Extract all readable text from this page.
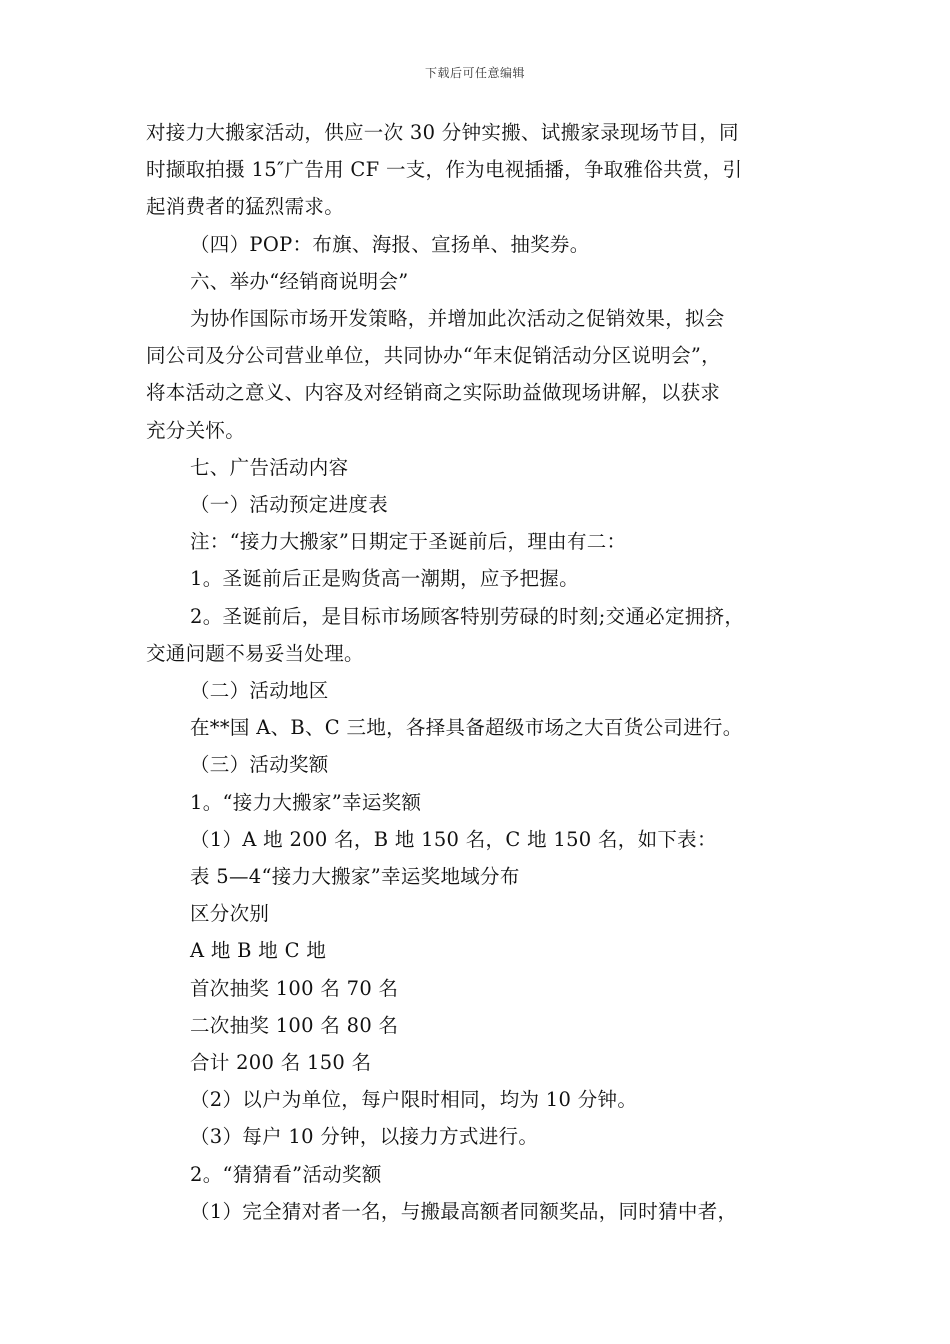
下载后可任意编辑

对接力大搬家活动，供应一次 30 分钟实搬、试搬家录现场节目，同

时撷取拍摄 15″广告用 CF 一支，作为电视插播，争取雅俗共赏，引

起消费者的猛烈需求。

（四）POP：布旗、海报、宣扬单、抽奖券。

六、举办“经销商说明会”

为协作国际市场开发策略，并增加此次活动之促销效果，拟会

同公司及分公司营业单位，共同协办“年末促销活动分区说明会”，

将本活动之意义、内容及对经销商之实际助益做现场讲解，以获求

充分关怀。

七、广告活动内容

（一）活动预定进度表

注：“接力大搬家”日期定于圣诞前后，理由有二：

1。圣诞前后正是购货高一潮期，应予把握。

2。圣诞前后，是目标市场顾客特别劳碌的时刻;交通必定拥挤，

交通问题不易妥当处理。

（二）活动地区

在**国 A、B、C 三地，各择具备超级市场之大百货公司进行。

（三）活动奖额

1。“接力大搬家”幸运奖额

（1）A 地 200 名，B 地 150 名，C 地 150 名，如下表：

表 5—4“接力大搬家”幸运奖地域分布

区分次别

A 地 B 地 C 地

首次抽奖 100 名 70 名

二次抽奖 100 名 80 名

合计 200 名 150 名

（2）以户为单位，每户限时相同，均为 10 分钟。

（3）每户 10 分钟，以接力方式进行。

2。“猜猜看”活动奖额

（1）完全猜对者一名，与搬最高额者同额奖品，同时猜中者，
